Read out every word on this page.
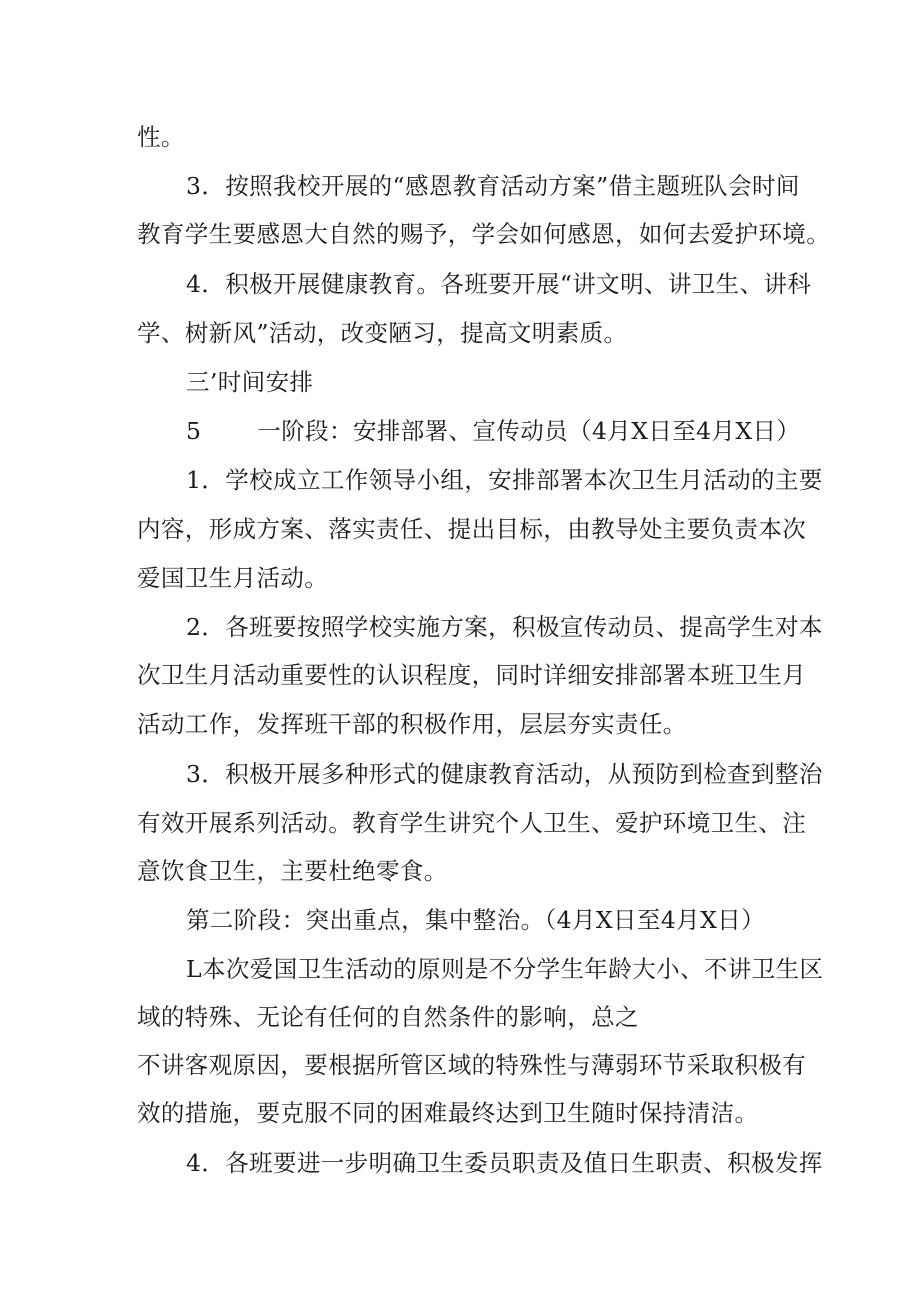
性。
3．按照我校开展的“感恩教育活动方案”借主题班队会时间
教育学生要感恩大自然的赐予，学会如何感恩，如何去爱护环境。
4．积极开展健康教育。各班要开展“讲文明、讲卫生、讲科
学、树新风”活动，改变陋习，提高文明素质。
三’时间安排
5 一阶段：安排部署、宣传动员（4月X日至4月X日）
1．学校成立工作领导小组，安排部署本次卫生月活动的主要
内容，形成方案、落实责任、提出目标，由教导处主要负责本次
爱国卫生月活动。
2．各班要按照学校实施方案，积极宣传动员、提高学生对本
次卫生月活动重要性的认识程度，同时详细安排部署本班卫生月
活动工作，发挥班干部的积极作用，层层夯实责任。
3．积极开展多种形式的健康教育活动，从预防到检查到整治
有效开展系列活动。教育学生讲究个人卫生、爱护环境卫生、注
意饮食卫生，主要杜绝零食。
第二阶段：突出重点，集中整治。（4月X日至4月X日）
L本次爱国卫生活动的原则是不分学生年龄大小、不讲卫生区
域的特殊、无论有任何的自然条件的影响，总之
不讲客观原因，要根据所管区域的特殊性与薄弱环节采取积极有
效的措施，要克服不同的困难最终达到卫生随时保持清洁。
4．各班要进一步明确卫生委员职责及值日生职责、积极发挥
